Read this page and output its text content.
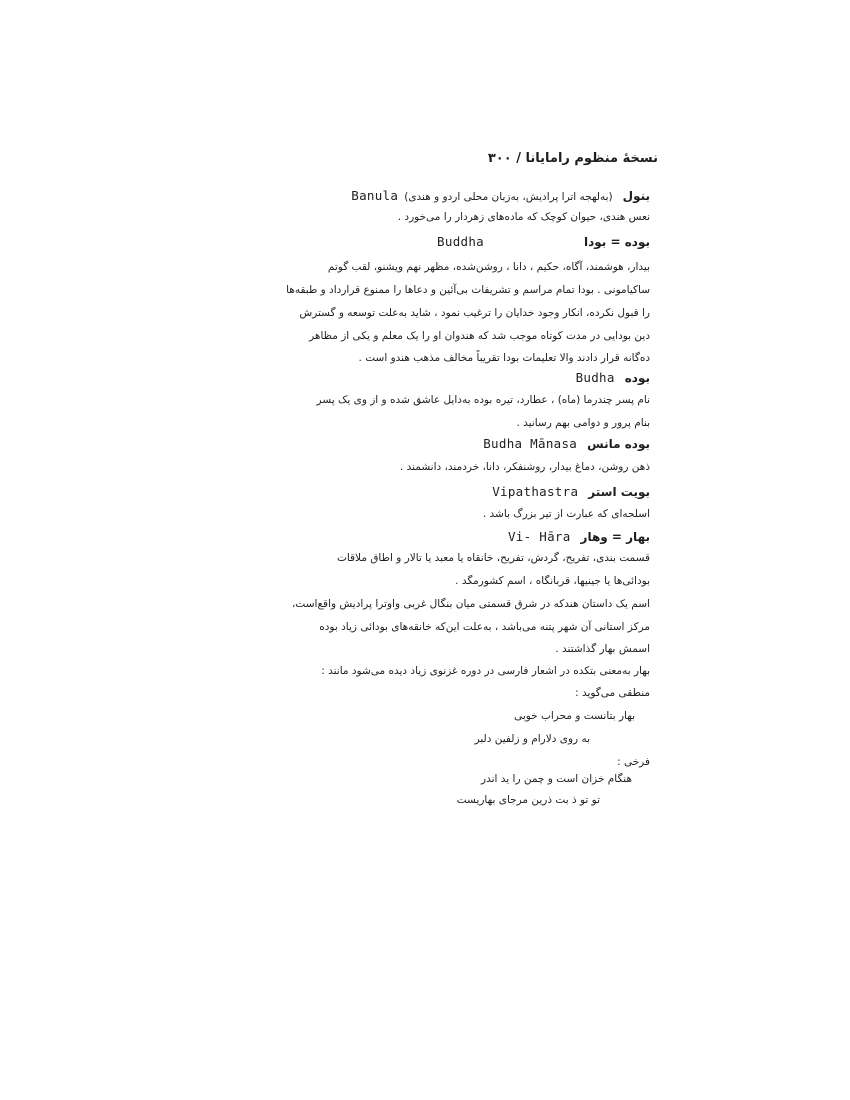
نسخهٔ منظوم رامایانا / ۳۰۰
بنول(به‌لهجه اترا پرادیش، به‌زبان محلی اردو و هندی)Banula
نعس هندی، حیوان کوچک که ماده‌های زهردار را می‌خورد .
بوده = بوداBuddha
بیدار، هوشمند، آگاه، حکیم ، دانا ، روشن‌شده، مظهر نهم ویشنو، لقب گوتم
ساکیامونی . بودا تمام مراسم و تشریفات بی‌آئین و دعاها را ممنوع قرارداد و طبقه‌ها
را قبول نکرده، انکار وجود خدایان را ترغیب نمود ، شاید به‌علت توسعه و گسترش
دین بودایی در مدت کوتاه موجب شد که هندوان او را یک معلم و یکی از مظاهر
ده‌گانه قرار دادند والا تعلیمات بودا تقریباً مخالف مذهب هندو است .
بودهBudha
نام پسر چندرما (ماه) ، عطارد، تیره بوده به‌دایل عاشق شده و از وی یک پسر
بنام پرور و دوامی بهم رسانید .
بوده مانسBudha Mānasa
ذهن روشن، دماغ بیدار، روشنفکر، دانا، خردمند، دانشمند .
بویت استرVipathastra
اسلحه‌ای که عبارت از تیر بزرگ باشد .
بهار = وهارVi- Hāra
قسمت بندی، تفریح، گردش، تفریح، خانقاه یا معبد یا تالار و اطاق ملاقات
بودائی‌ها یا جینیها، قربانگاه ، اسم کشورمگد .
اسم یک داستان هندکه در شرق قسمتی میان بنگال غربی واوترا پرادیش واقع‌است،
مرکز استانی آن شهر پتنه می‌باشد ، به‌علت این‌که خانقه‌های بودائی زیاد بوده
اسمش بهار گذاشتند .
بهار به‌معنی بتکده در اشعار فارسی در دوره غزنوی زیاد دیده می‌شود مانند :
منطقی می‌گوید :
بهار بتانست و محراب خوبی
به روی دلارام و زلفین دلبر
فرخی :
هنگام خزان است و چمن را ید اندر
تو تو ذ بت ذرین مرجای بهاریست
